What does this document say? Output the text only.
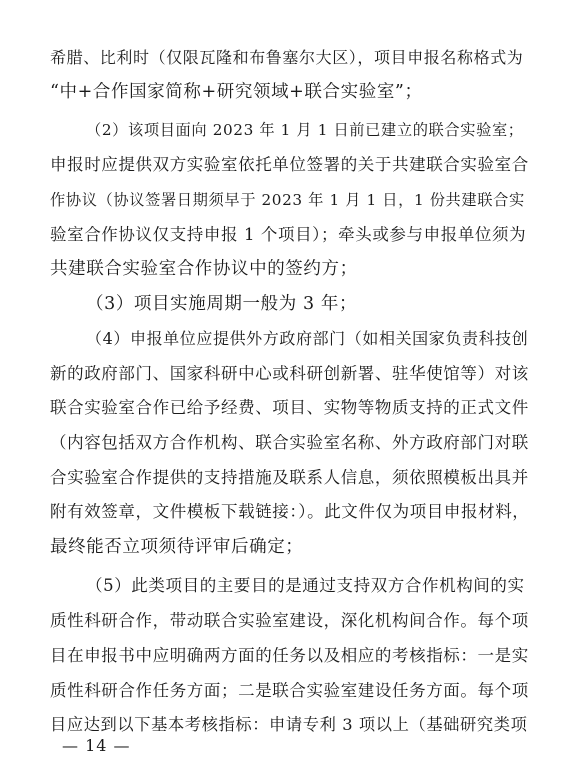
希腊、比利时（仅限瓦隆和布鲁塞尔大区），项目申报名称格式为
“中+合作国家简称+研究领域+联合实验室”；
（2）该项目面向 2023 年 1 月 1 日前已建立的联合实验室；
申报时应提供双方实验室依托单位签署的关于共建联合实验室合
作协议（协议签署日期须早于 2023 年 1 月 1 日，1 份共建联合实
验室合作协议仅支持申报 1 个项目）；牵头或参与申报单位须为
共建联合实验室合作协议中的签约方；
（3）项目实施周期一般为 3 年；
（4）申报单位应提供外方政府部门（如相关国家负责科技创
新的政府部门、国家科研中心或科研创新署、驻华使馆等）对该
联合实验室合作已给予经费、项目、实物等物质支持的正式文件
（内容包括双方合作机构、联合实验室名称、外方政府部门对联
合实验室合作提供的支持措施及联系人信息，须依照模板出具并
附有效签章，文件模板下载链接：）。此文件仅为项目申报材料，
最终能否立项须待评审后确定；
（5）此类项目的主要目的是通过支持双方合作机构间的实
质性科研合作，带动联合实验室建设，深化机构间合作。每个项
目在申报书中应明确两方面的任务以及相应的考核指标：一是实
质性科研合作任务方面；二是联合实验室建设任务方面。每个项
目应达到以下基本考核指标：申请专利 3 项以上（基础研究类项
— 14 —
